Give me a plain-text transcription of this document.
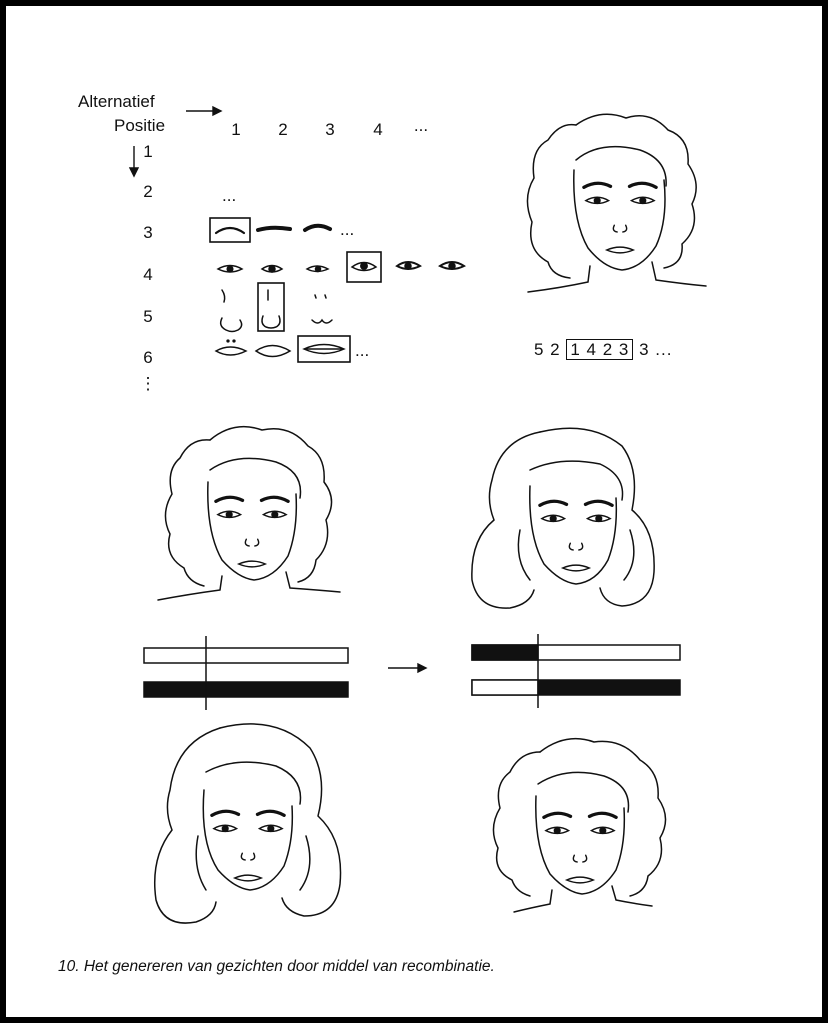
Alternatief
Positie	1	2	3	4	...
1
2
3
4
5
6
⋮
...
...
...	5 2 1 4 2 3 3 ...
10. Het genereren van gezichten door middel van recombinatie.
